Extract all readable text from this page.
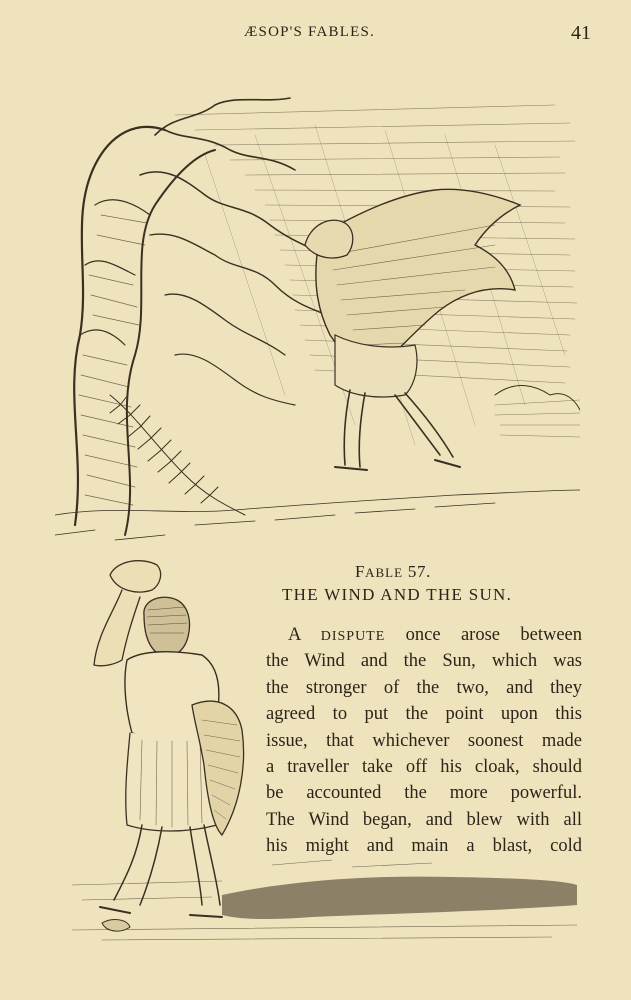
ÆSOP'S FABLES.	41
FABLE 57.
THE WIND AND THE SUN.
A DISPUTE once arose between
the Wind and the Sun, which was
the stronger of the two, and they
agreed to put the point upon this
issue, that whichever soonest made
a traveller take off his cloak, should
be accounted the more powerful.
The Wind began, and blew with all
his might and main a blast, cold
